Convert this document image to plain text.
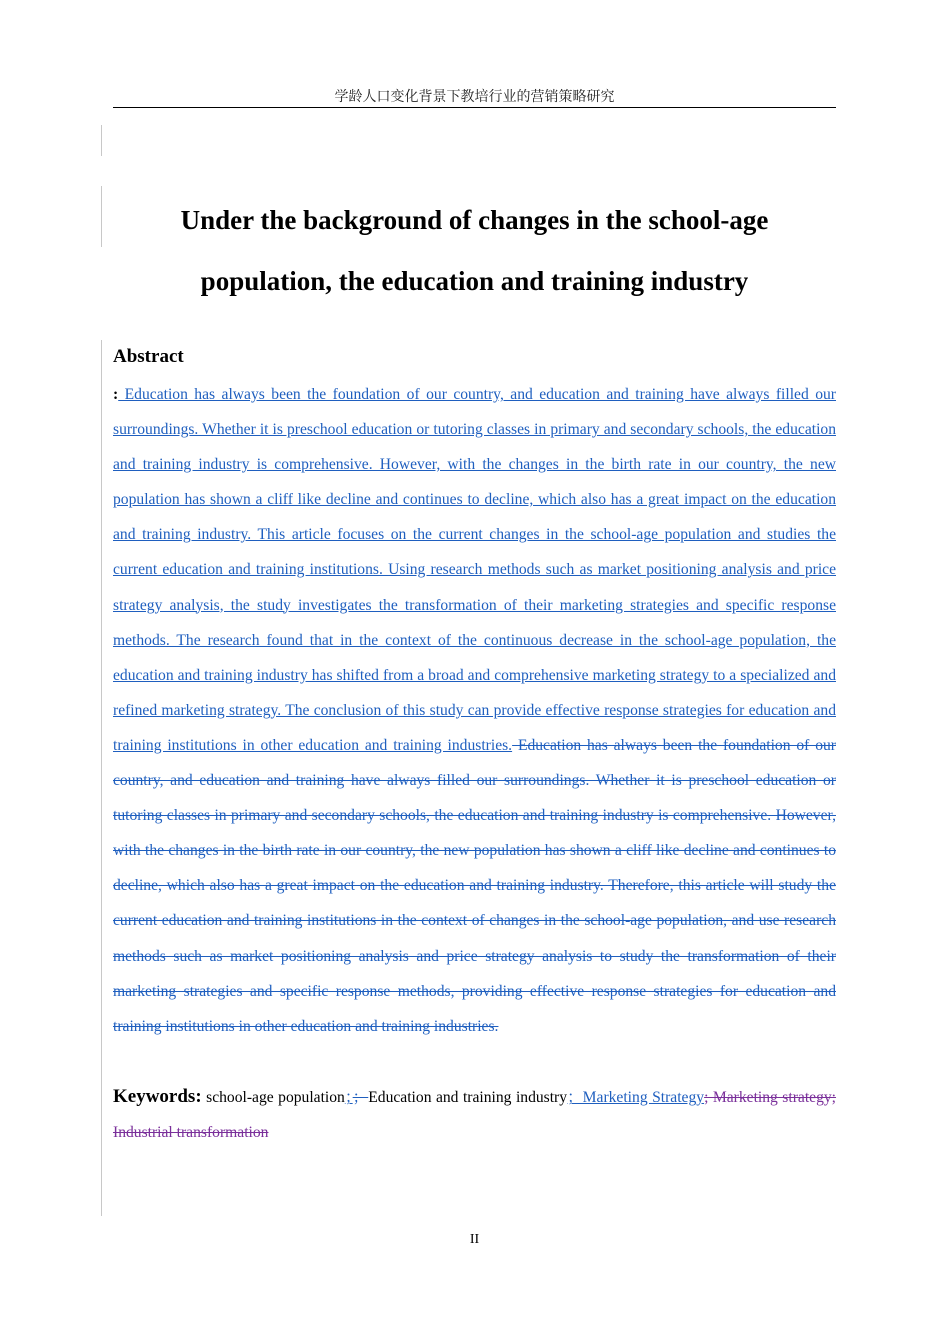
学龄人口变化背景下教培行业的营销策略研究
Under the background of changes in the school-age
population, the education and training industry
Abstract
: Education has always been the foundation of our country, and education and training have always filled our surroundings. Whether it is preschool education or tutoring classes in primary and secondary schools, the education and training industry is comprehensive. However, with the changes in the birth rate in our country, the new population has shown a cliff like decline and continues to decline, which also has a great impact on the education and training industry. This article focuses on the current changes in the school-age population and studies the current education and training institutions. Using research methods such as market positioning analysis and price strategy analysis, the study investigates the transformation of their marketing strategies and specific response methods. The research found that in the context of the continuous decrease in the school-age population, the education and training industry has shifted from a broad and comprehensive marketing strategy to a specialized and refined marketing strategy. The conclusion of this study can provide effective response strategies for education and training institutions in other education and training industries. Education has always been the foundation of our country, and education and training have always filled our surroundings. Whether it is preschool education or tutoring classes in primary and secondary schools, the education and training industry is comprehensive. However, with the changes in the birth rate in our country, the new population has shown a cliff like decline and continues to decline, which also has a great impact on the education and training industry. Therefore, this article will study the current education and training institutions in the context of changes in the school-age population, and use research methods such as market positioning analysis and price strategy analysis to study the transformation of their marketing strategies and specific response methods, providing effective response strategies for education and training institutions in other education and training industries.
Keywords: school-age population；；Education and training industry；Marketing Strategy; Marketing strategy; Industrial transformation
II
